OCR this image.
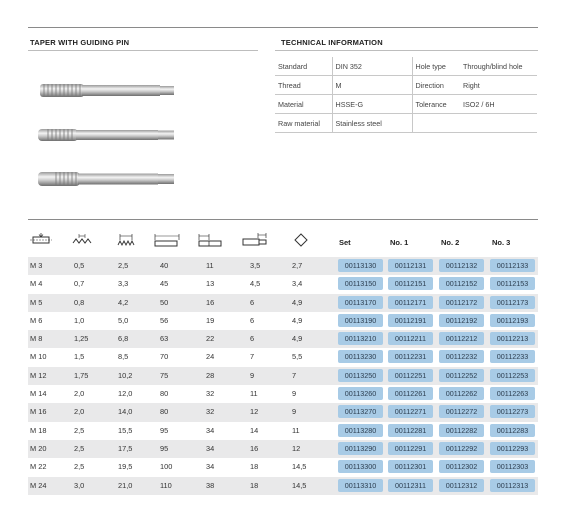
TAPER WITH GUIDING PIN	TECHNICAL INFORMATION
Standard	DIN 352	Hole type	Through/blind hole
Thread	M	Direction	Right
Material	HSSE-G	Tolerance	ISO2 / 6H
Raw material	Stainless steel		
Set	No. 1	No. 2	No. 3
M 3	0,5	2,5	40	11	3,5	2,7	00113130	00112131	00112132	00112133
M 4	0,7	3,3	45	13	4,5	3,4	00113150	00112151	00112152	00112153
M 5	0,8	4,2	50	16	6	4,9	00113170	00112171	00112172	00112173
M 6	1,0	5,0	56	19	6	4,9	00113190	00112191	00112192	00112193
M 8	1,25	6,8	63	22	6	4,9	00113210	00112211	00112212	00112213
M 10	1,5	8,5	70	24	7	5,5	00113230	00112231	00112232	00112233
M 12	1,75	10,2	75	28	9	7	00113250	00112251	00112252	00112253
M 14	2,0	12,0	80	32	11	9	00113260	00112261	00112262	00112263
M 16	2,0	14,0	80	32	12	9	00113270	00112271	00112272	00112273
M 18	2,5	15,5	95	34	14	11	00113280	00112281	00112282	00112283
M 20	2,5	17,5	95	34	16	12	00113290	00112291	00112292	00112293
M 22	2,5	19,5	100	34	18	14,5	00113300	00112301	00112302	00112303
M 24	3,0	21,0	110	38	18	14,5	00113310	00112311	00112312	00112313
